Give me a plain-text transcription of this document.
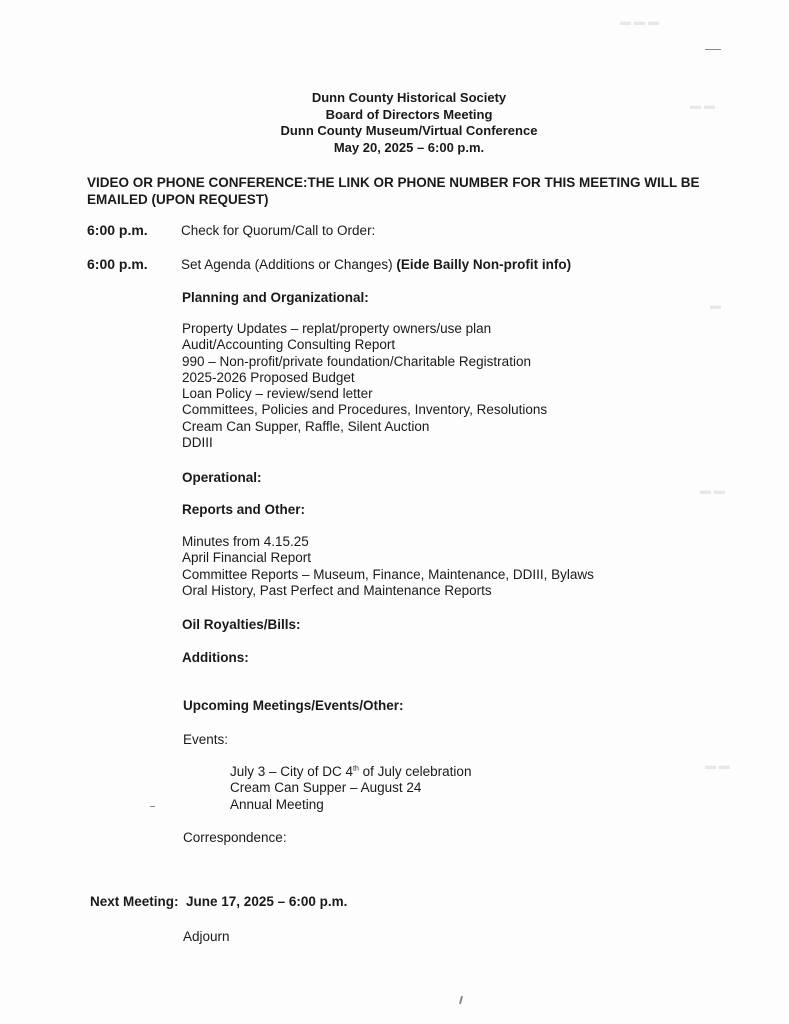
▬ ▬ ▬
▬ ▬
▬
▬ ▬
▬ ▬
Dunn County Historical Society
Board of Directors Meeting
Dunn County Museum/Virtual Conference
May 20, 2025 – 6:00 p.m.
VIDEO OR PHONE CONFERENCE:THE LINK OR PHONE NUMBER FOR THIS MEETING WILL BE EMAILED (UPON REQUEST)
6:00 p.m. Check for Quorum/Call to Order:
6:00 p.m. Set Agenda (Additions or Changes) (Eide Bailly Non-profit info)
Planning and Organizational:
Property Updates – replat/property owners/use plan
Audit/Accounting Consulting Report
990 – Non-profit/private foundation/Charitable Registration
2025-2026 Proposed Budget
Loan Policy – review/send letter
Committees, Policies and Procedures, Inventory, Resolutions
Cream Can Supper, Raffle, Silent Auction
DDIII
Operational:
Reports and Other:
Minutes from 4.15.25
April Financial Report
Committee Reports – Museum, Finance, Maintenance, DDIII, Bylaws
Oral History, Past Perfect and Maintenance Reports
Oil Royalties/Bills:
Additions:
Upcoming Meetings/Events/Other:
Events:
July 3 – City of DC 4th of July celebration
Cream Can Supper – August 24
Annual Meeting
Correspondence:
Next Meeting: June 17, 2025 – 6:00 p.m.
Adjourn
